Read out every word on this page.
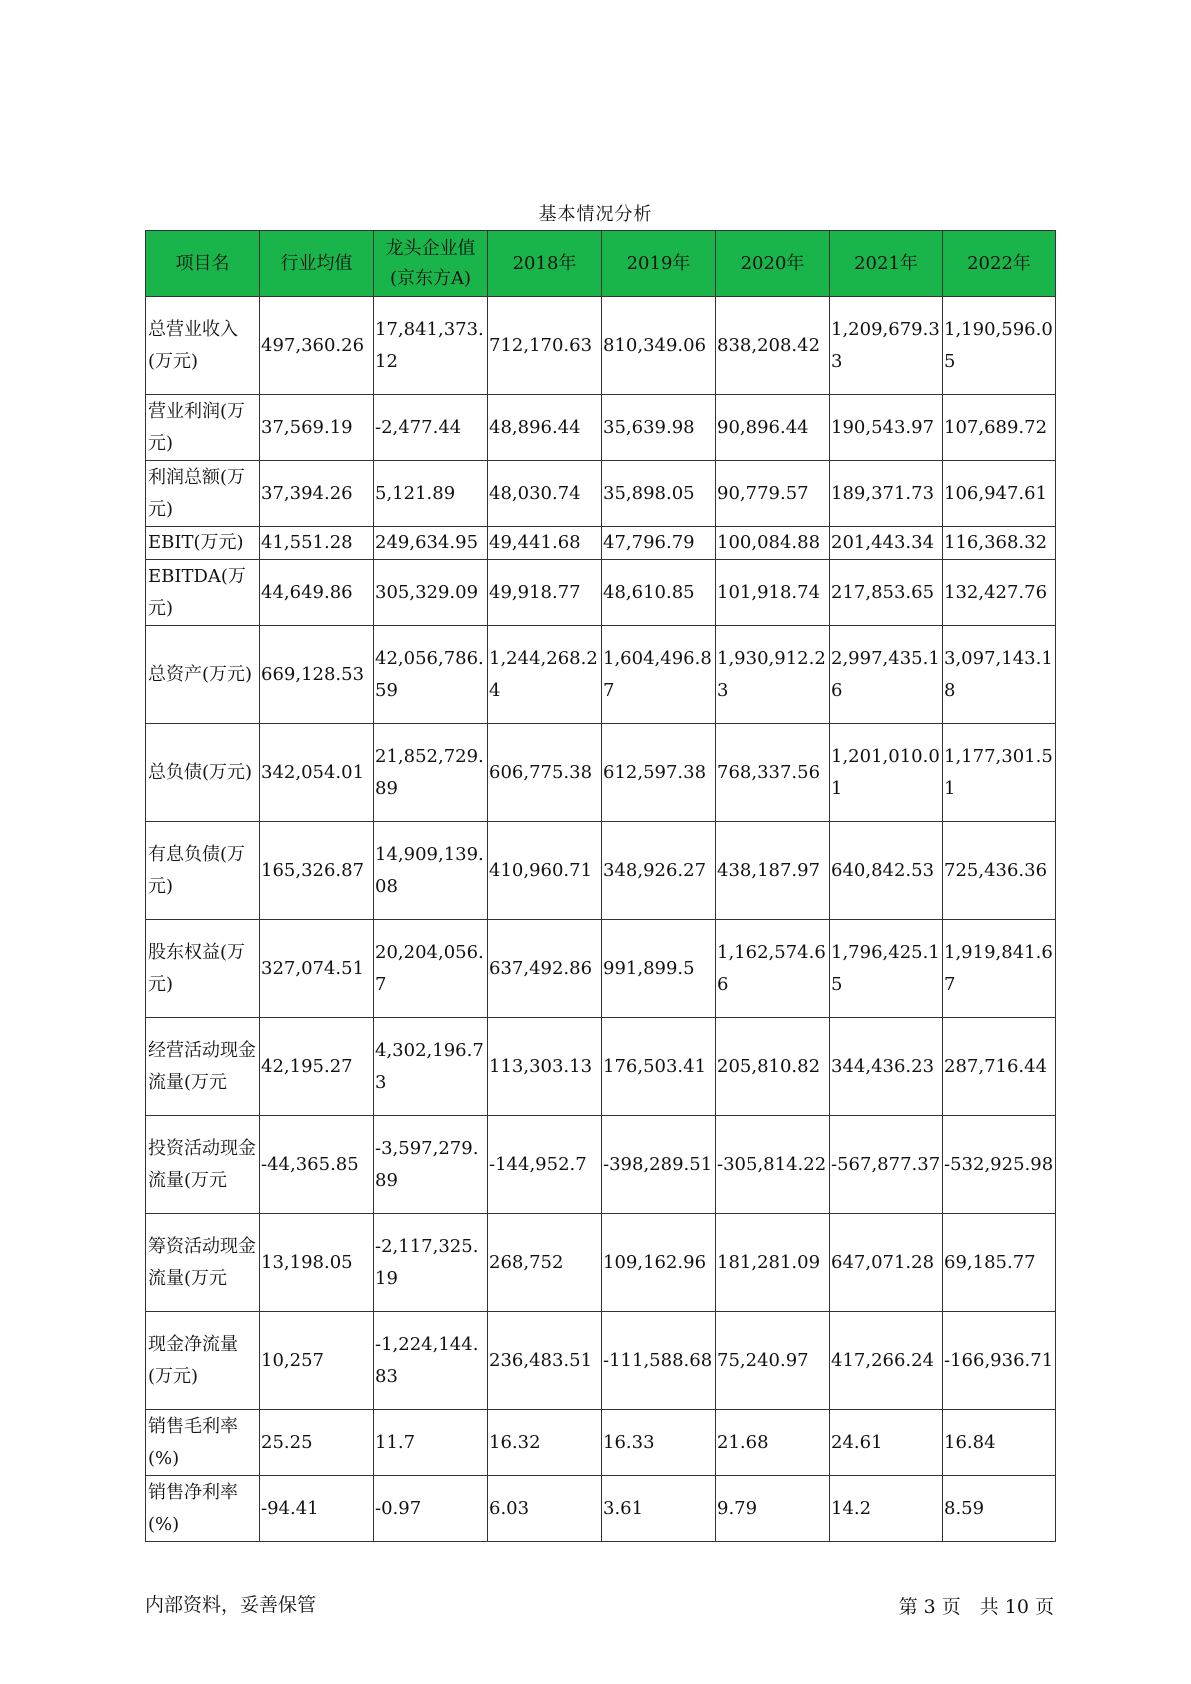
基本情况分析
项目名	行业均值	龙头企业值(京东方A)	2018年	2019年	2020年	2021年	2022年
总营业收入(万元)	497,360.26	17,841,373.12	712,170.63	810,349.06	838,208.42	1,209,679.33	1,190,596.05
营业利润(万元)	37,569.19	-2,477.44	48,896.44	35,639.98	90,896.44	190,543.97	107,689.72
利润总额(万元)	37,394.26	5,121.89	48,030.74	35,898.05	90,779.57	189,371.73	106,947.61
EBIT(万元)	41,551.28	249,634.95	49,441.68	47,796.79	100,084.88	201,443.34	116,368.32
EBITDA(万元)	44,649.86	305,329.09	49,918.77	48,610.85	101,918.74	217,853.65	132,427.76
总资产(万元)	669,128.53	42,056,786.59	1,244,268.24	1,604,496.87	1,930,912.23	2,997,435.16	3,097,143.18
总负债(万元)	342,054.01	21,852,729.89	606,775.38	612,597.38	768,337.56	1,201,010.01	1,177,301.51
有息负债(万元)	165,326.87	14,909,139.08	410,960.71	348,926.27	438,187.97	640,842.53	725,436.36
股东权益(万元)	327,074.51	20,204,056.7	637,492.86	991,899.5	1,162,574.66	1,796,425.15	1,919,841.67
经营活动现金流量(万元	42,195.27	4,302,196.73	113,303.13	176,503.41	205,810.82	344,436.23	287,716.44
投资活动现金流量(万元	-44,365.85	-3,597,279.89	-144,952.7	-398,289.51	-305,814.22	-567,877.37	-532,925.98
筹资活动现金流量(万元	13,198.05	-2,117,325.19	268,752	109,162.96	181,281.09	647,071.28	69,185.77
现金净流量(万元)	10,257	-1,224,144.83	236,483.51	-111,588.68	75,240.97	417,266.24	-166,936.71
销售毛利率(%)	25.25	11.7	16.32	16.33	21.68	24.61	16.84
销售净利率(%)	-94.41	-0.97	6.03	3.61	9.79	14.2	8.59
内部资料，妥善保管	第 3 页　共 10 页
